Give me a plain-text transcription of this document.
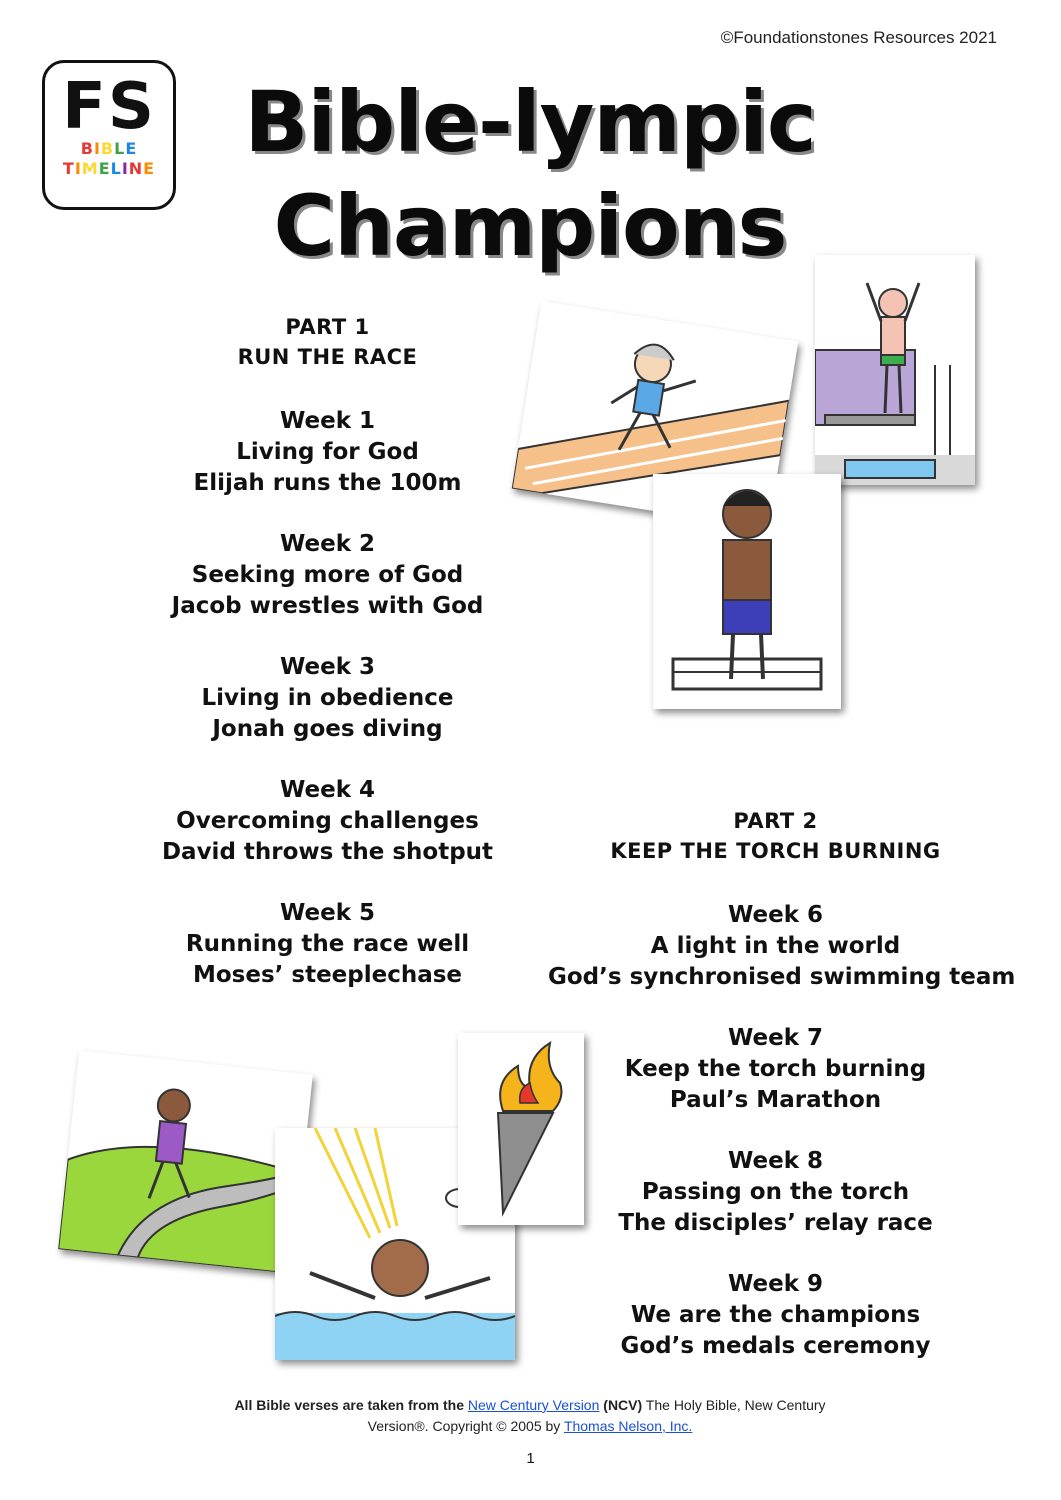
©Foundationstones Resources 2021
FS
BIBLE
TIMELINE Bible-lympic
Champions
PART 1
RUN THE RACE
Week 1
Living for God
Elijah runs the 100m
Week 2
Seeking more of God
Jacob wrestles with God
Week 3
Living in obedience
Jonah goes diving
Week 4
Overcoming challenges
David throws the shotput
Week 5
Running the race well
Moses’ steeplechase
PART 2
KEEP THE TORCH BURNING
Week 6
A light in the world
God’s synchronised swimming team
Week 7
Keep the torch burning
Paul’s Marathon
Week 8
Passing on the torch
The disciples’ relay race
Week 9
We are the champions
God’s medals ceremony
All Bible verses are taken from the New Century Version (NCV) The Holy Bible, New Century Version®. Copyright © 2005 by Thomas Nelson, Inc.
1
